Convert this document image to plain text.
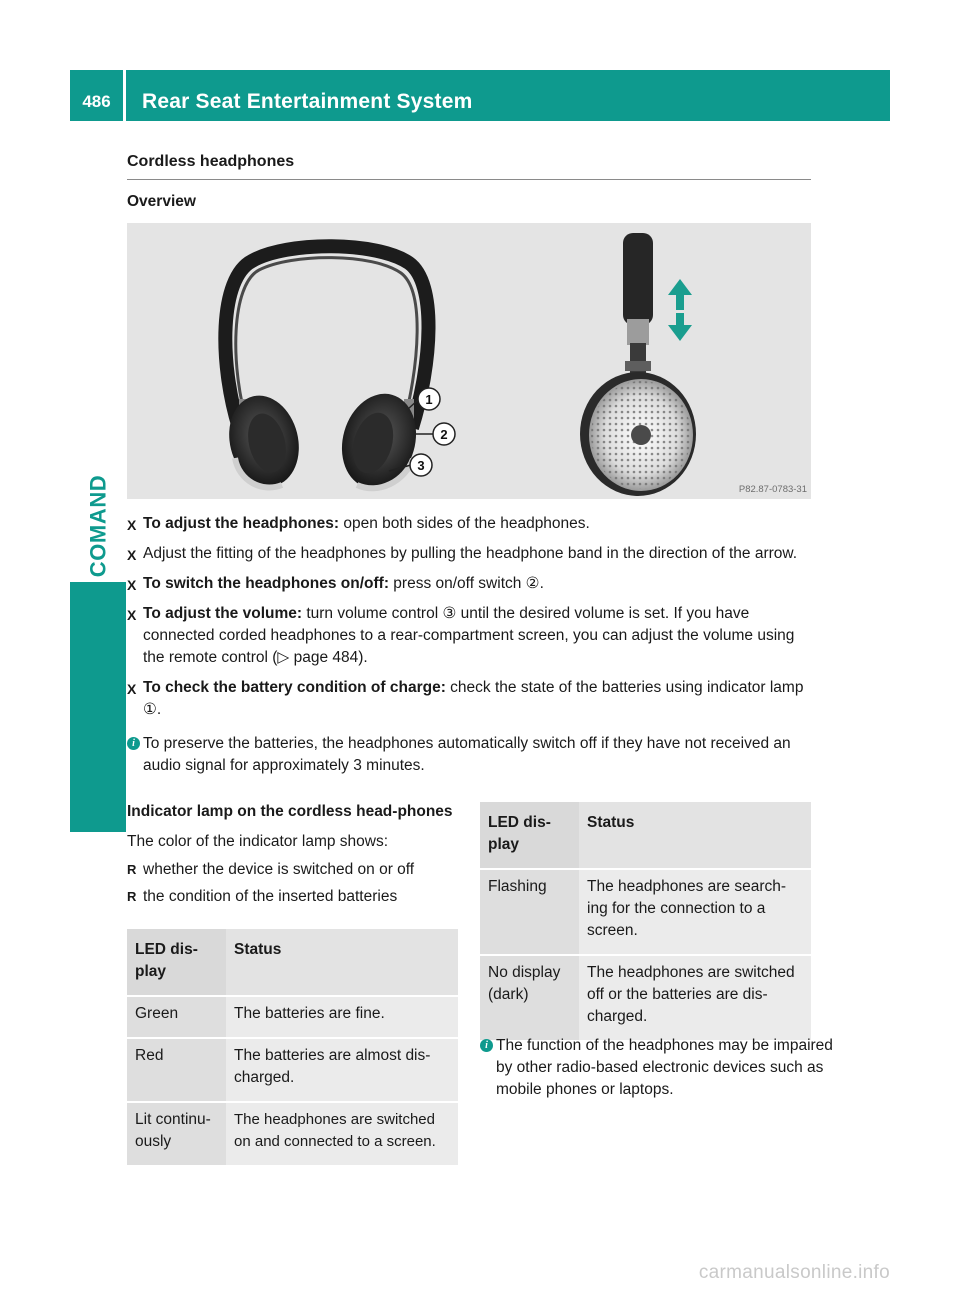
486	Rear Seat Entertainment System
COMAND
Cordless headphones
Overview
1
2
3
P82.87-0783-31
X To adjust the headphones: open both sides of the headphones.
X Adjust the fitting of the headphones by pulling the headphone band in the direction of the arrow.
X To switch the headphones on/off: press on/off switch ②.
X To adjust the volume: turn volume control ③ until the desired volume is set. If you have connected corded headphones to a rear-compartment screen, you can adjust the volume using the remote control (▷ page 484).
X To check the battery condition of charge: check the state of the batteries using indicator lamp ①.
i To preserve the batteries, the headphones automatically switch off if they have not received an audio signal for approximately 3 minutes.
Indicator lamp on the cordless head-phones
The color of the indicator lamp shows:
R whether the device is switched on or off
R the condition of the inserted batteries
LED dis-play	Status
Green	The batteries are fine.
Red	The batteries are almost dis-charged.
Lit continu-ously	The headphones are switched on and connected to a screen.
LED dis-play	Status
Flashing	The headphones are search-ing for the connection to a screen.
No display (dark)	The headphones are switched off or the batteries are dis-charged.
i The function of the headphones may be impaired by other radio-based electronic devices such as mobile phones or laptops.
carmanualsonline.info
